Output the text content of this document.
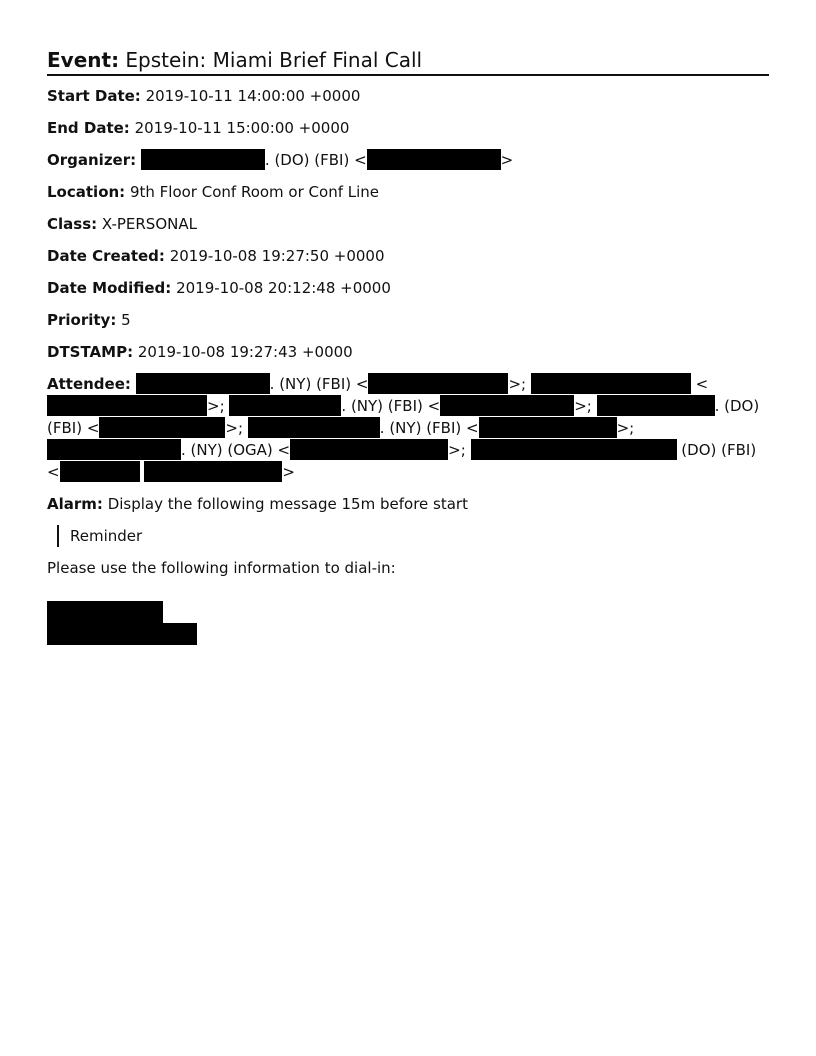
Event: Epstein: Miami Brief Final Call
Start Date: 2019-10-11 14:00:00 +0000
End Date: 2019-10-11 15:00:00 +0000
Organizer:	. (DO) (FBI) <	>
Location: 9th Floor Conf Room or Conf Line
Class: X-PERSONAL
Date Created: 2019-10-08 19:27:50 +0000
Date Modified: 2019-10-08 20:12:48 +0000
Priority: 5
DTSTAMP: 2019-10-08 19:27:43 +0000
Attendee:	. (NY) (FBI) <	>;	<>;	. (NY) (FBI) <	>;	. (DO) (FBI) <	>;	. (NY) (FBI) <	>; . (NY) (OGA) <	>;	(DO) (FBI) <	>
Alarm: Display the following message 15m before start
Reminder
Please use the following information to dial-in:
